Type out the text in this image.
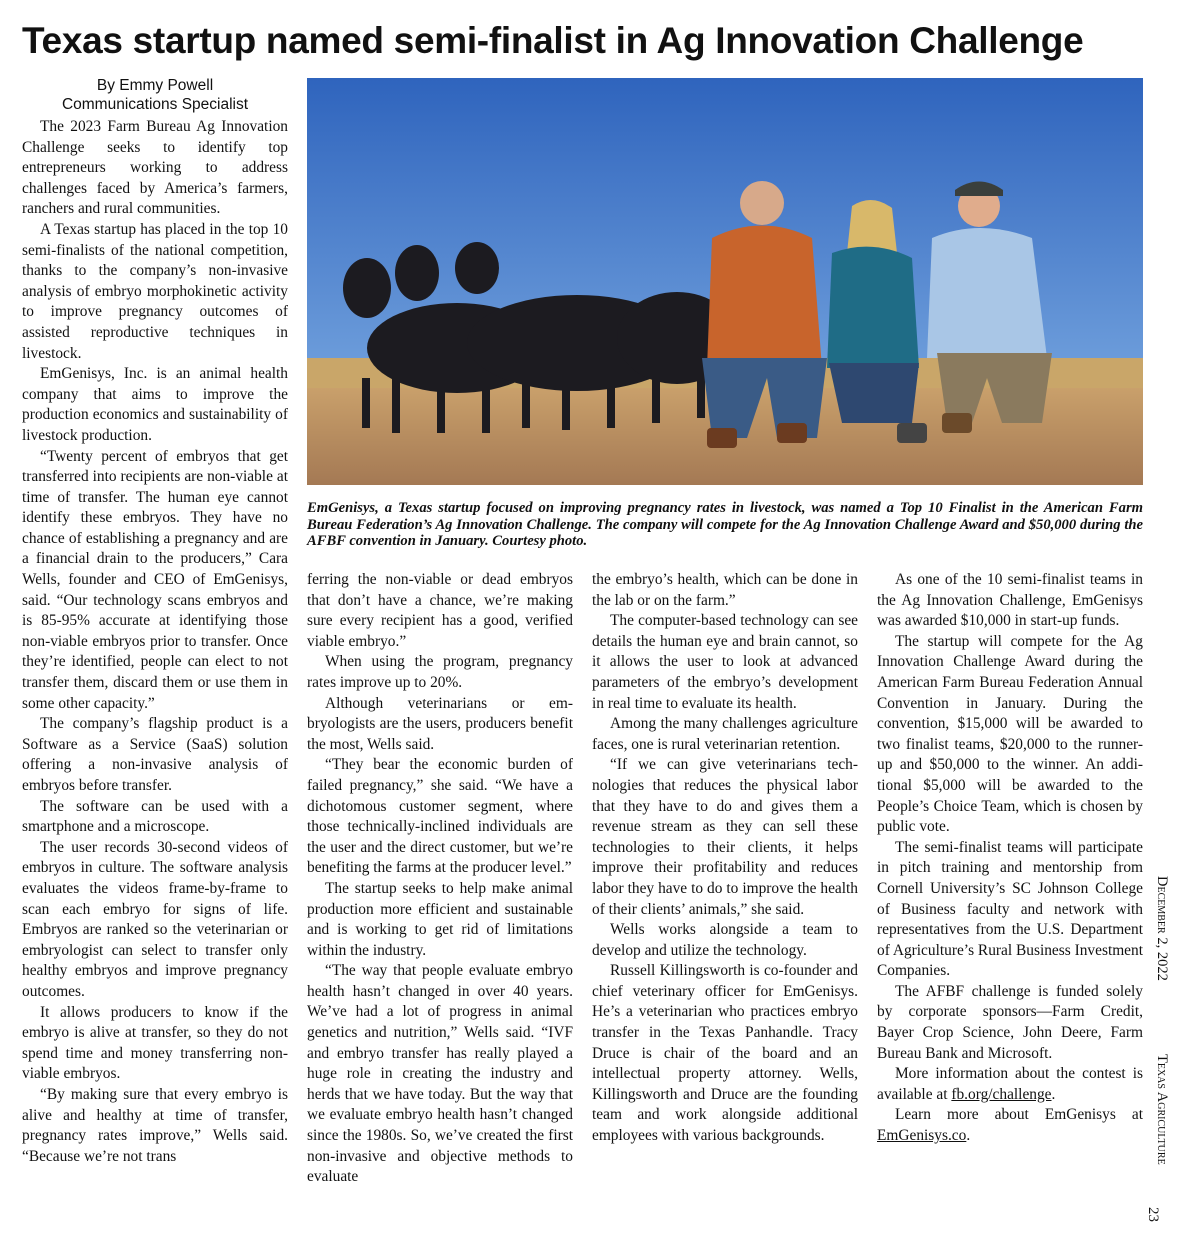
Texas startup named semi-finalist in Ag Innovation Challenge
By Emmy Powell
Communications Specialist

The 2023 Farm Bureau Ag Innovation Challenge seeks to identify top entrepreneurs working to address challenges faced by America’s farmers, ranchers and rural communities.

A Texas startup has placed in the top 10 semi-finalists of the national competition, thanks to the company’s non-invasive analysis of embryo morphokinetic activity to improve pregnancy outcomes of assisted reproductive techniques in livestock.

EmGenisys, Inc. is an animal health company that aims to improve the production economics and sustainability of livestock production.

“Twenty percent of embryos that get transferred into recipients are non-viable at time of transfer. The human eye cannot identify these embryos. They have no chance of establishing a pregnancy and are a financial drain to the producers,” Cara Wells, founder and CEO of EmGenisys, said. “Our technology scans embryos and is 85-95% accurate at identifying those non-viable embryos prior to transfer. Once they’re identified, people can elect to not transfer them, discard them or use them in some other capacity.”

The company’s flagship product is a Software as a Service (SaaS) solution offering a non-invasive analysis of embryos before transfer.

The software can be used with a smartphone and a microscope.

The user records 30-second videos of embryos in culture. The software analysis evaluates the videos frame-by-frame to scan each embryo for signs of life. Embryos are ranked so the veterinarian or embryologist can select to transfer only healthy embryos and improve pregnancy outcomes.

It allows producers to know if the embryo is alive at transfer, so they do not spend time and money transferring non-viable embryos.

“By making sure that every embryo is alive and healthy at time of transfer, pregnancy rates improve,” Wells said. “Because we’re not trans

EmGenisys, a Texas startup focused on improving pregnancy rates in livestock, was named a Top 10 Finalist in the American Farm Bureau Federation’s Ag Innovation Challenge. The company will compete for the Ag Innovation Challenge Award and $50,000 during the AFBF convention in January. Courtesy photo.

ferring the non-viable or dead embryos that don’t have a chance, we’re making sure every recipient has a good, verified viable embryo.”

When using the program, pregnancy rates improve up to 20%.

Although veterinarians or embryologists are the users, producers benefit the most, Wells said.

“They bear the economic burden of failed pregnancy,” she said. “We have a dichotomous customer segment, where those technically-inclined individuals are the user and the direct customer, but we’re benefiting the farms at the producer level.”

The startup seeks to help make animal production more efficient and sustainable and is working to get rid of limitations within the industry.

“The way that people evaluate embryo health hasn’t changed in over 40 years. We’ve had a lot of progress in animal genetics and nutrition,” Wells said. “IVF and embryo transfer has really played a huge role in creating the industry and herds that we have today. But the way that we evaluate embryo health hasn’t changed since the 1980s. So, we’ve created the first non-invasive and objective methods to evaluate

the embryo’s health, which can be done in the lab or on the farm.”

The computer-based technology can see details the human eye and brain cannot, so it allows the user to look at advanced parameters of the embryo’s development in real time to evaluate its health.

Among the many challenges agriculture faces, one is rural veterinarian retention.

“If we can give veterinarians technologies that reduces the physical labor that they have to do and gives them a revenue stream as they can sell these technologies to their clients, it helps improve their profitability and reduces labor they have to do to improve the health of their clients’ animals,” she said.

Wells works alongside a team to develop and utilize the technology.

Russell Killingsworth is co-founder and chief veterinary officer for EmGenisys. He’s a veterinarian who practices embryo transfer in the Texas Panhandle. Tracy Druce is chair of the board and an intellectual property attorney. Wells, Killingsworth and Druce are the founding team and work alongside additional employees with various backgrounds.

As one of the 10 semi-finalist teams in the Ag Innovation Challenge, EmGenisys was awarded $10,000 in start-up funds.

The startup will compete for the Ag Innovation Challenge Award during the American Farm Bureau Federation Annual Convention in January. During the convention, $15,000 will be awarded to two finalist teams, $20,000 to the runner-up and $50,000 to the winner. An additional $5,000 will be awarded to the People’s Choice Team, which is chosen by public vote.

The semi-finalist teams will participate in pitch training and mentorship from Cornell University’s SC Johnson College of Business faculty and network with representatives from the U.S. Department of Agriculture’s Rural Business Investment Companies.

The AFBF challenge is funded solely by corporate sponsors—Farm Credit, Bayer Crop Science, John Deere, Farm Bureau Bank and Microsoft.

More information about the contest is available at fb.org/challenge.

Learn more about EmGenisys at EmGenisys.co.

December 2, 2022
Texas Agriculture
23
